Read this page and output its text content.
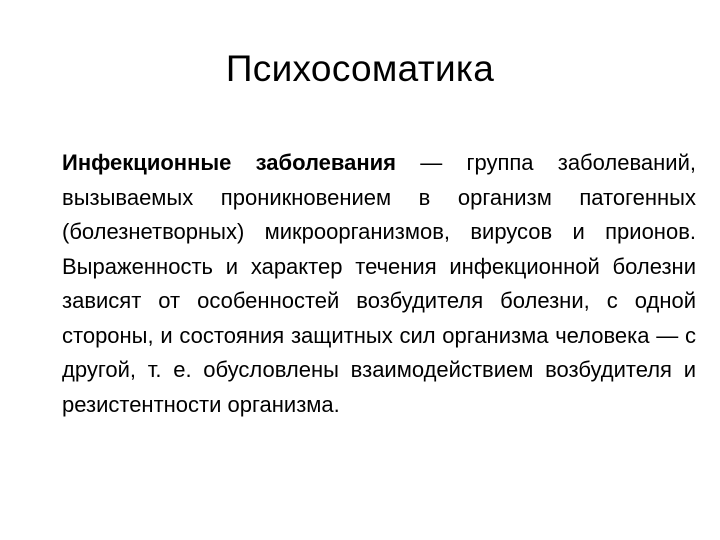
Психосоматика

Инфекционные заболевания — группа заболеваний, вызываемых проникновением в организм патогенных (болезнетворных) микроорганизмов, вирусов и прионов. Выраженность и характер течения инфекционной болезни зависят от особенностей возбудителя болезни, с одной стороны, и состояния защитных сил организма человека — с другой, т. е. обусловлены взаимодействием возбудителя и резистентности организма.
